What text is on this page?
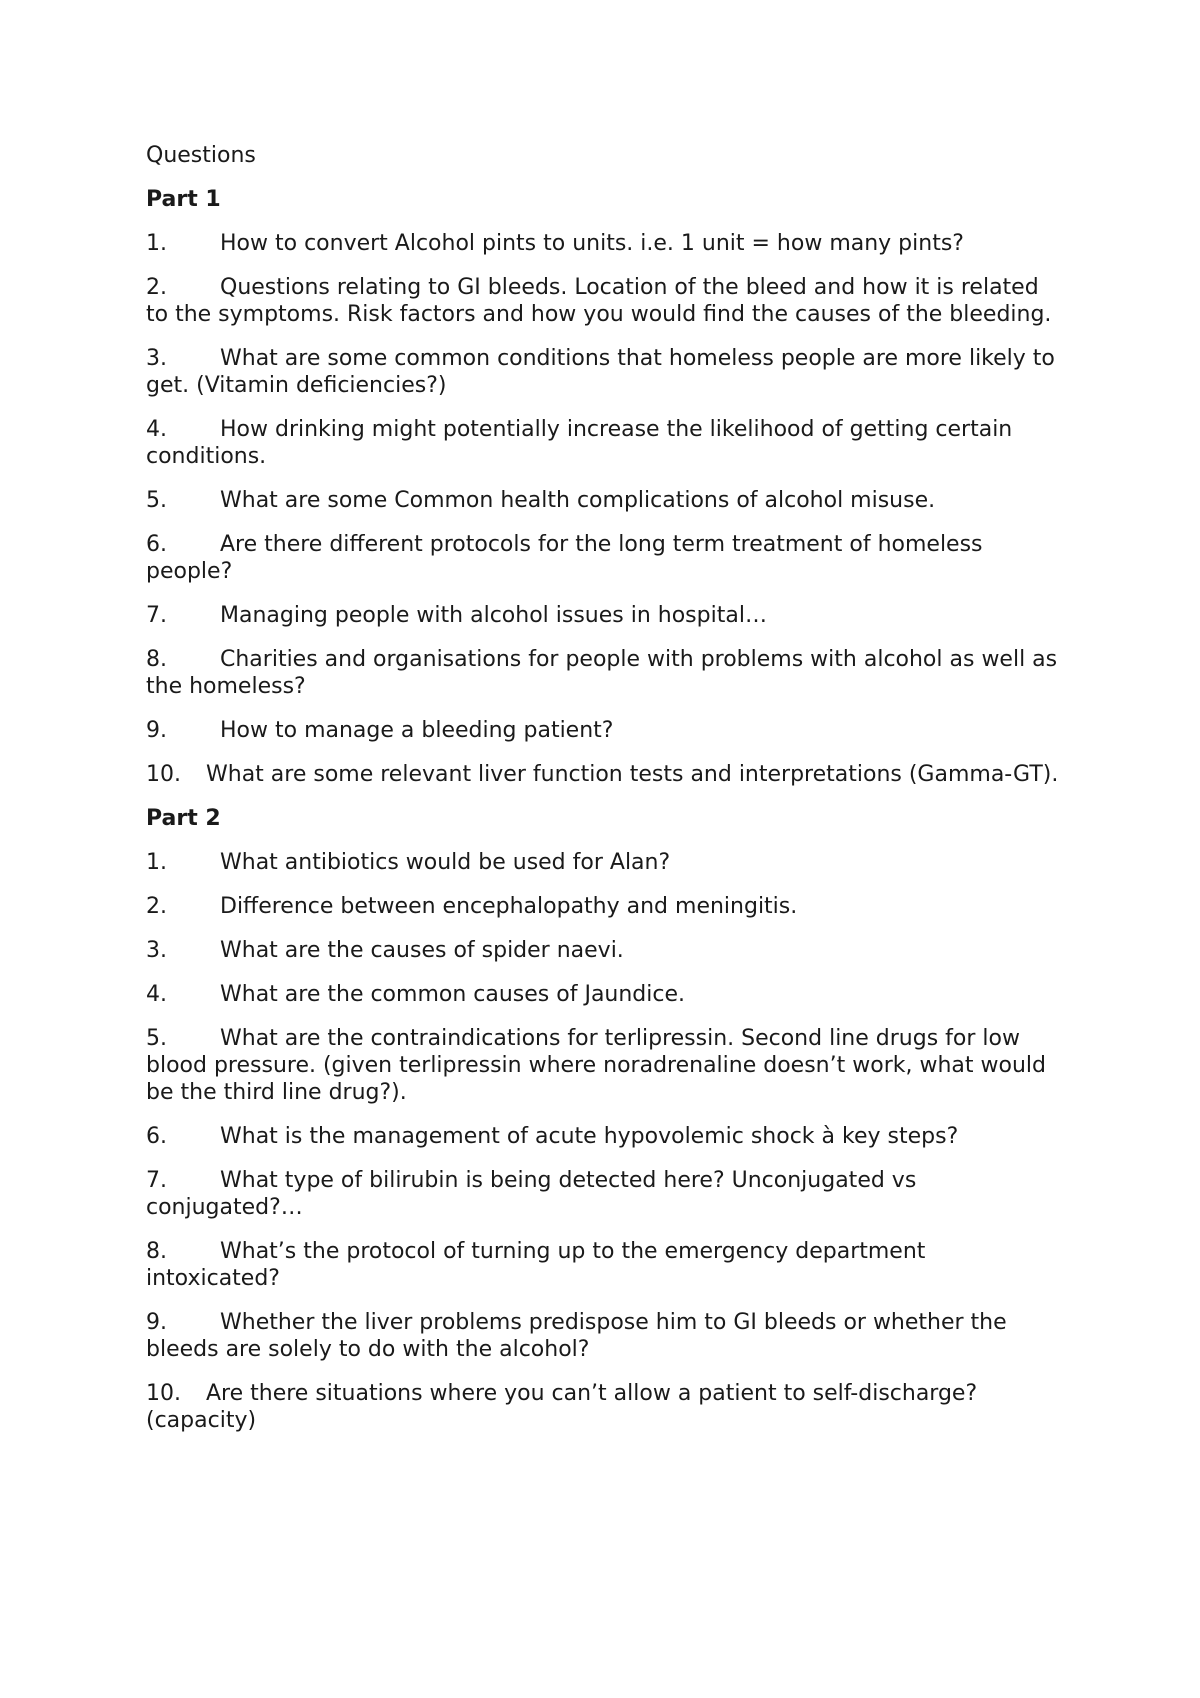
Questions

Part 1

1. How to convert Alcohol pints to units. i.e. 1 unit = how many pints?
2. Questions relating to GI bleeds. Location of the bleed and how it is related to the symptoms. Risk factors and how you would find the causes of the bleeding.
3. What are some common conditions that homeless people are more likely to get. (Vitamin deficiencies?)
4. How drinking might potentially increase the likelihood of getting certain conditions.
5. What are some Common health complications of alcohol misuse.
6. Are there different protocols for the long term treatment of homeless people?
7. Managing people with alcohol issues in hospital…
8. Charities and organisations for people with problems with alcohol as well as the homeless?
9. How to manage a bleeding patient?
10. What are some relevant liver function tests and interpretations (Gamma-GT).

Part 2

1. What antibiotics would be used for Alan?
2. Difference between encephalopathy and meningitis.
3. What are the causes of spider naevi.
4. What are the common causes of Jaundice.
5. What are the contraindications for terlipressin. Second line drugs for low blood pressure. (given terlipressin where noradrenaline doesn’t work, what would be the third line drug?).
6. What is the management of acute hypovolemic shock à key steps?
7. What type of bilirubin is being detected here? Unconjugated vs conjugated?…
8. What’s the protocol of turning up to the emergency department intoxicated?
9. Whether the liver problems predispose him to GI bleeds or whether the bleeds are solely to do with the alcohol?
10. Are there situations where you can’t allow a patient to self-discharge? (capacity)
